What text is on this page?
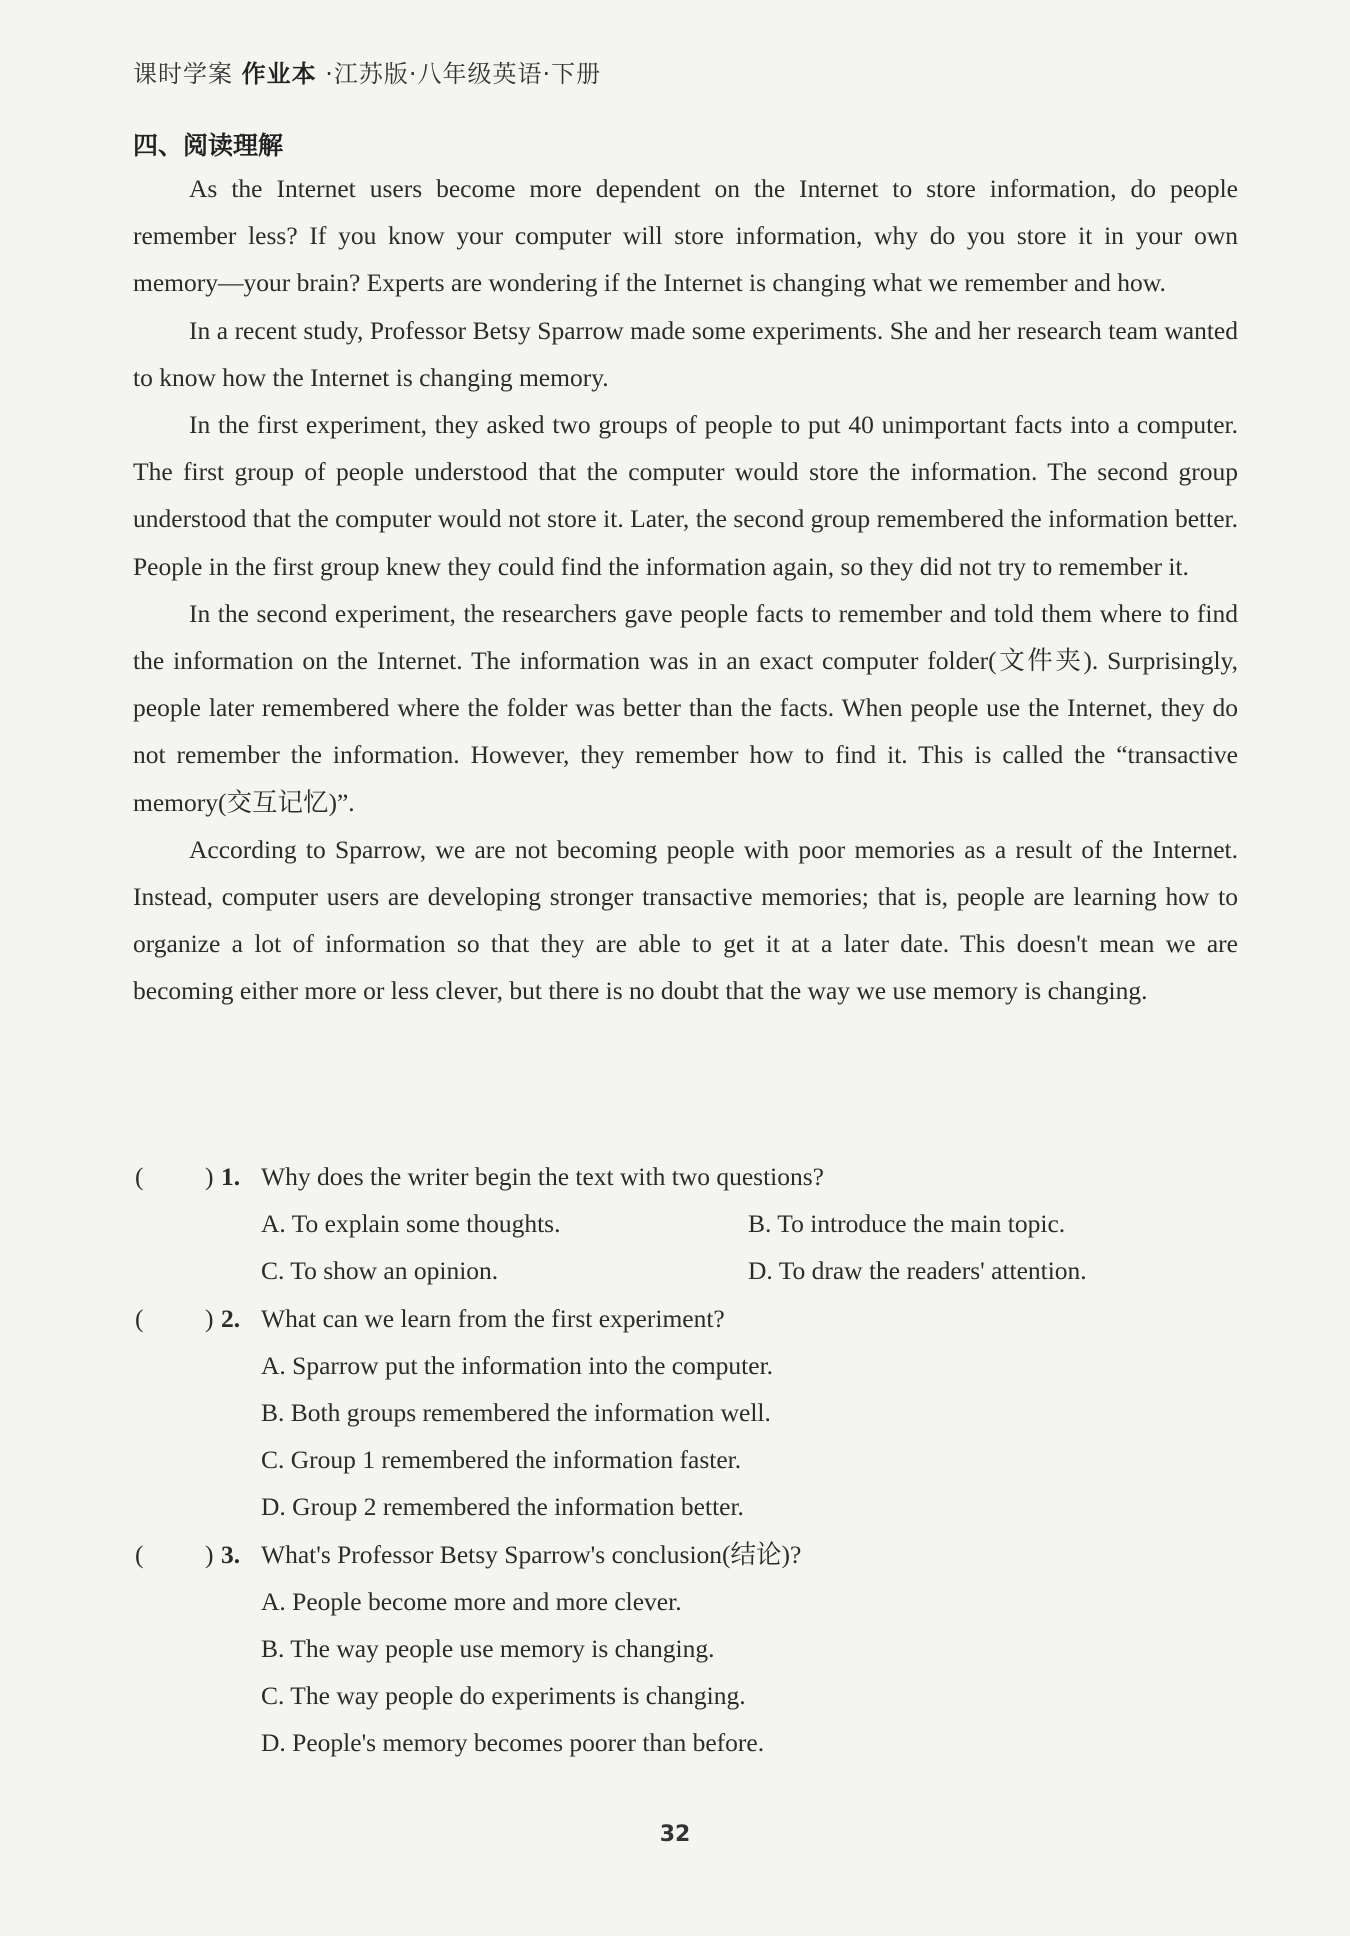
课时学案 作业本 ·江苏版·八年级英语·下册
四、阅读理解

As the Internet users become more dependent on the Internet to store information, do people remember less? If you know your computer will store information, why do you store it in your own memory—your brain? Experts are wondering if the Internet is changing what we remember and how.

In a recent study, Professor Betsy Sparrow made some experiments. She and her research team wanted to know how the Internet is changing memory.

In the first experiment, they asked two groups of people to put 40 unimportant facts into a computer. The first group of people understood that the computer would store the information. The second group understood that the computer would not store it. Later, the second group remembered the information better. People in the first group knew they could find the information again, so they did not try to remember it.

In the second experiment, the researchers gave people facts to remember and told them where to find the information on the Internet. The information was in an exact computer folder(文件夹). Surprisingly, people later remembered where the folder was better than the facts. When people use the Internet, they do not remember the information. However, they remember how to find it. This is called the “transactive memory(交互记忆)”.

According to Sparrow, we are not becoming people with poor memories as a result of the Internet. Instead, computer users are developing stronger transactive memories; that is, people are learning how to organize a lot of information so that they are able to get it at a later date. This doesn't mean we are becoming either more or less clever, but there is no doubt that the way we use memory is changing.

( ) 1. Why does the writer begin the text with two questions?
A. To explain some thoughts.	B. To introduce the main topic.
C. To show an opinion.	D. To draw the readers' attention.
( ) 2. What can we learn from the first experiment?
A. Sparrow put the information into the computer.
B. Both groups remembered the information well.
C. Group 1 remembered the information faster.
D. Group 2 remembered the information better.
( ) 3. What's Professor Betsy Sparrow's conclusion(结论)?
A. People become more and more clever.
B. The way people use memory is changing.
C. The way people do experiments is changing.
D. People's memory becomes poorer than before.
32
